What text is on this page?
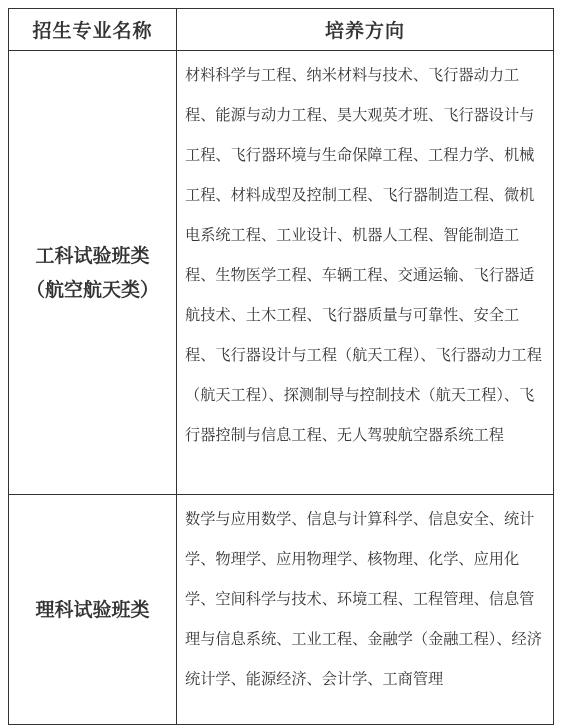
招生专业名称	培养方向

工科试验班类
（航空航天类）	材料科学与工程、纳米材料与技术、飞行器动力工程、能源与动力工程、昊大观英才班、飞行器设计与工程、飞行器环境与生命保障工程、工程力学、机械工程、材料成型及控制工程、飞行器制造工程、微机电系统工程、工业设计、机器人工程、智能制造工程、生物医学工程、车辆工程、交通运输、飞行器适航技术、土木工程、飞行器质量与可靠性、安全工程、飞行器设计与工程（航天工程）、飞行器动力工程（航天工程）、探测制导与控制技术（航天工程）、飞行器控制与信息工程、无人驾驶航空器系统工程

理科试验班类	数学与应用数学、信息与计算科学、信息安全、统计学、物理学、应用物理学、核物理、化学、应用化学、空间科学与技术、环境工程、工程管理、信息管理与信息系统、工业工程、金融学（金融工程）、经济统计学、能源经济、会计学、工商管理
